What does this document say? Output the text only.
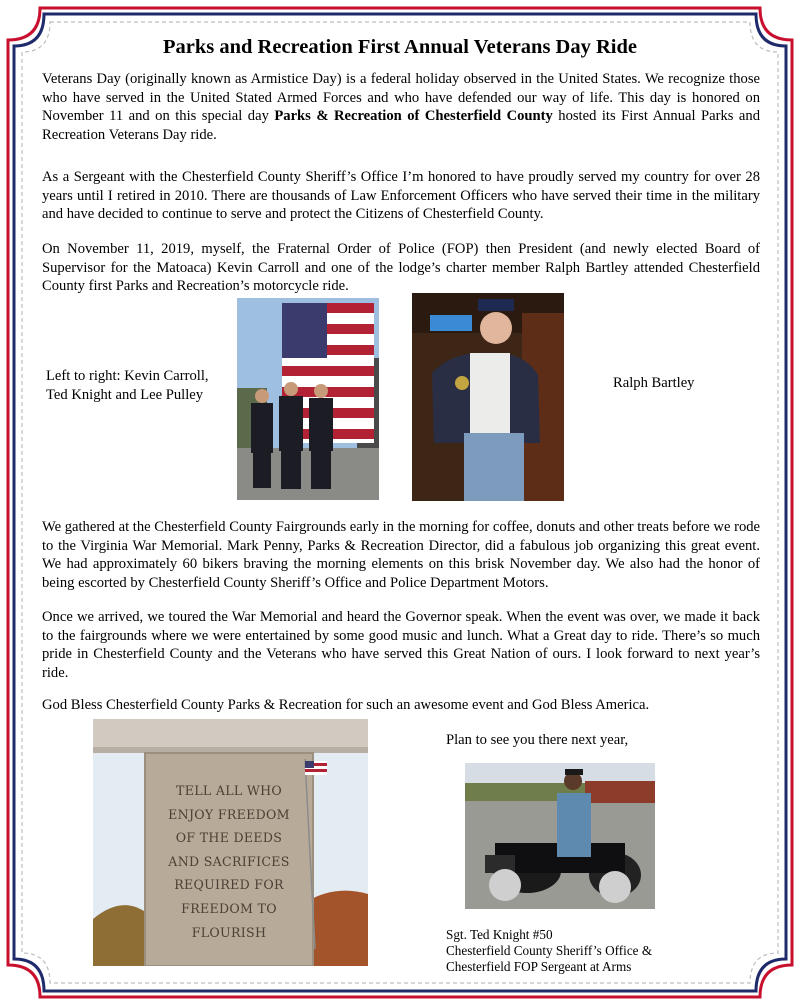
Parks and Recreation First Annual Veterans Day Ride

Veterans Day (originally known as Armistice Day) is a federal holiday observed in the United States. We recognize those who have served in the United Stated Armed Forces and who have defended our way of life. This day is honored on November 11 and on this special day Parks & Recreation of Chesterfield County hosted its First Annual Parks and Recreation Veterans Day ride.

As a Sergeant with the Chesterfield County Sheriff’s Office I’m honored to have proudly served my country for over 28 years until I retired in 2010. There are thousands of Law Enforcement Officers who have served their time in the military and have decided to continue to serve and protect the Citizens of Chesterfield County.

On November 11, 2019, myself, the Fraternal Order of Police (FOP) then President (and newly elected Board of Supervisor for the Matoaca) Kevin Carroll and one of the lodge’s charter member Ralph Bartley attended Chesterfield County first Parks and Recreation’s motorcycle ride.

Left to right: Kevin Carroll,
Ted Knight and Lee Pulley
Ralph Bartley

We gathered at the Chesterfield County Fairgrounds early in the morning for coffee, donuts and other treats before we rode to the Virginia War Memorial. Mark Penny, Parks & Recreation Director, did a fabulous job organizing this great event. We had approximately 60 bikers braving the morning elements on this brisk November day. We also had the honor of being escorted by Chesterfield County Sheriff’s Office and Police Department Motors.

Once we arrived, we toured the War Memorial and heard the Governor speak. When the event was over, we made it back to the fairgrounds where we were entertained by some good music and lunch. What a Great day to ride. There’s so much pride in Chesterfield County and the Veterans who have served this Great Nation of ours. I look forward to next year’s ride.

God Bless Chesterfield County Parks & Recreation for such an awesome event and God Bless America.

TELL ALL WHO
ENJOY FREEDOM
OF THE DEEDS
AND SACRIFICES
REQUIRED FOR
FREEDOM TO
FLOURISH
Plan to see you there next year,
Sgt. Ted Knight #50
Chesterfield County Sheriff’s Office &
Chesterfield FOP Sergeant at Arms
